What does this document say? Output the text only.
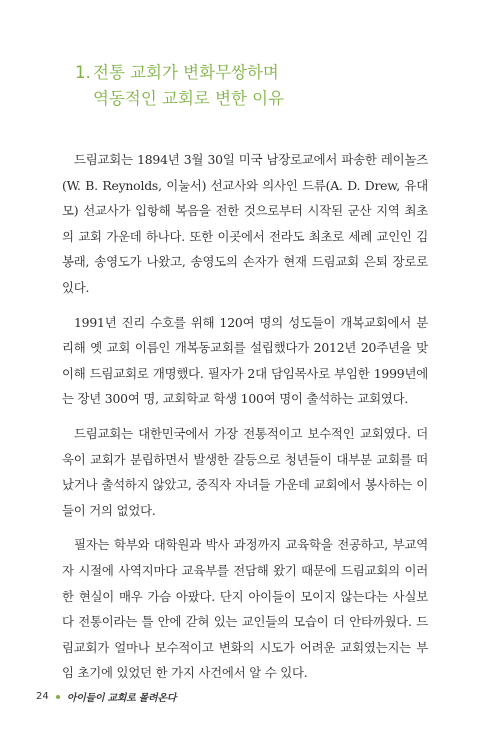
1. 전통 교회가 변화무쌍하며
역동적인 교회로 변한 이유

드림교회는 1894년 3월 30일 미국 남장로교에서 파송한 레이놀즈(W. B. Reynolds, 이눌서) 선교사와 의사인 드류(A. D. Drew, 유대모) 선교사가 입항해 복음을 전한 것으로부터 시작된 군산 지역 최초의 교회 가운데 하나다. 또한 이곳에서 전라도 최초로 세례 교인인 김봉래, 송영도가 나왔고, 송영도의 손자가 현재 드림교회 은퇴 장로로 있다.

1991년 진리 수호를 위해 120여 명의 성도들이 개복교회에서 분리해 옛 교회 이름인 개복동교회를 설립했다가 2012년 20주년을 맞이해 드림교회로 개명했다. 필자가 2대 담임목사로 부임한 1999년에는 장년 300여 명, 교회학교 학생 100여 명이 출석하는 교회였다.

드림교회는 대한민국에서 가장 전통적이고 보수적인 교회였다. 더욱이 교회가 분립하면서 발생한 갈등으로 청년들이 대부분 교회를 떠났거나 출석하지 않았고, 중직자 자녀들 가운데 교회에서 봉사하는 이들이 거의 없었다.

필자는 학부와 대학원과 박사 과정까지 교육학을 전공하고, 부교역자 시절에 사역지마다 교육부를 전담해 왔기 때문에 드림교회의 이러한 현실이 매우 가슴 아팠다. 단지 아이들이 모이지 않는다는 사실보다 전통이라는 틀 안에 갇혀 있는 교인들의 모습이 더 안타까웠다. 드림교회가 얼마나 보수적이고 변화의 시도가 어려운 교회였는지는 부임 초기에 있었던 한 가지 사건에서 알 수 있다.

24 아이들이 교회로 몰려온다
